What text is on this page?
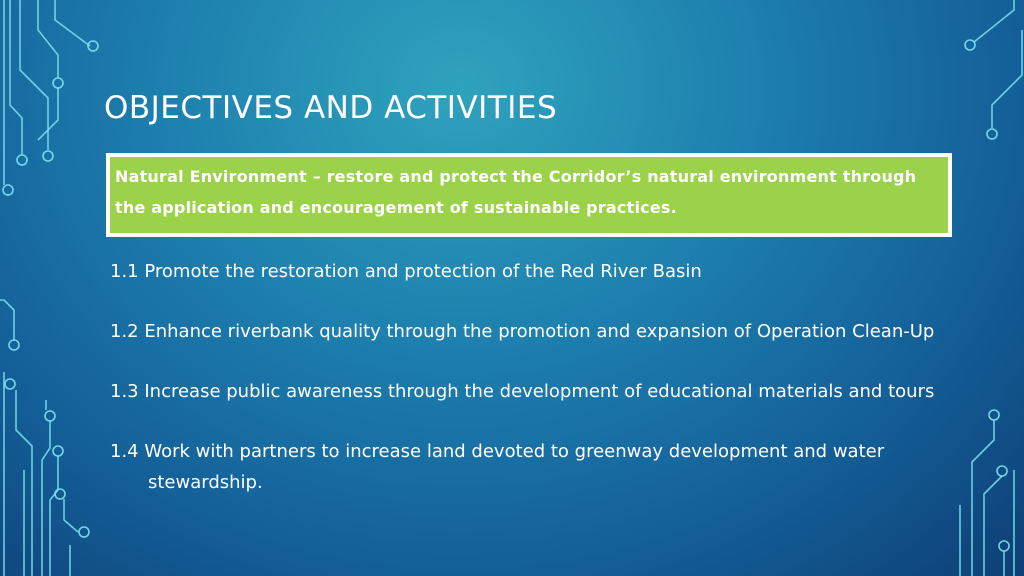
OBJECTIVES AND ACTIVITIES
Natural Environment – restore and protect the Corridor’s natural environment through the application and encouragement of sustainable practices.
1.1 Promote the restoration and protection of the Red River Basin
1.2 Enhance riverbank quality through the promotion and expansion of Operation Clean-Up
1.3 Increase public awareness through the development of educational materials and tours
1.4 Work with partners to increase land devoted to greenway development and water stewardship.
